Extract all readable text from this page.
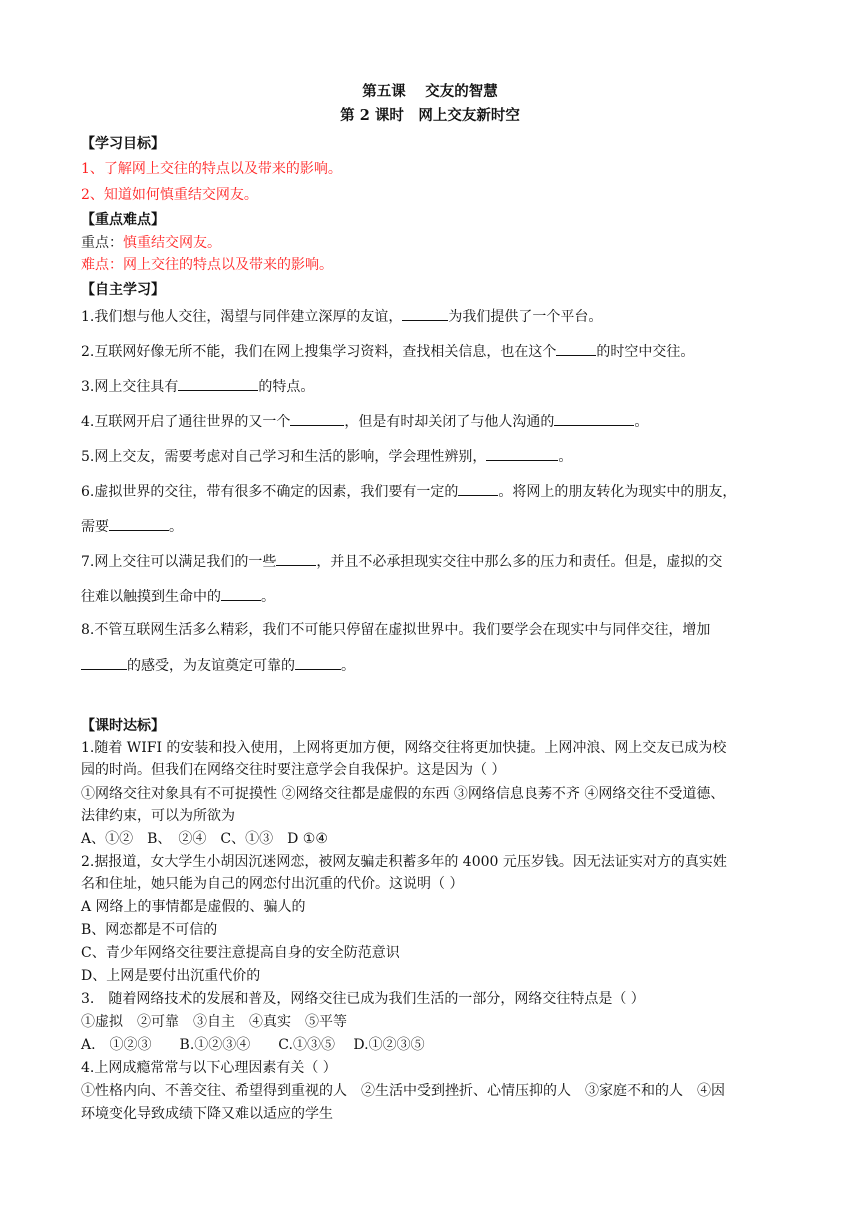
第五课　 交友的智慧
第 2 课时　网上交友新时空
【学习目标】
1、了解网上交往的特点以及带来的影响。
2、知道如何慎重结交网友。
【重点难点】
重点：慎重结交网友。
难点：网上交往的特点以及带来的影响。
【自主学习】
1.我们想与他人交往，渴望与同伴建立深厚的友谊，	为我们提供了一个平台。
2.互联网好像无所不能，我们在网上搜集学习资料，查找相关信息，也在这个	的时空中交往。
3.网上交往具有	的特点。
4.互联网开启了通往世界的又一个	，但是有时却关闭了与他人沟通的	。
5.网上交友，需要考虑对自己学习和生活的影响，学会理性辨别，	。
6.虚拟世界的交往，带有很多不确定的因素，我们要有一定的	。将网上的朋友转化为现实中的朋友，
需要	。
7.网上交往可以满足我们的一些	，并且不必承担现实交往中那么多的压力和责任。但是，虚拟的交
往难以触摸到生命中的	。
8.不管互联网生活多么精彩，我们不可能只停留在虚拟世界中。我们要学会在现实中与同伴交往，增加
的感受，为友谊奠定可靠的	。
【课时达标】
1.随着 WIFI 的安装和投入使用，上网将更加方便，网络交往将更加快捷。上网冲浪、网上交友已成为校
园的时尚。但我们在网络交往时要注意学会自我保护。这是因为（ ）
①网络交往对象具有不可捉摸性 ②网络交往都是虚假的东西 ③网络信息良莠不齐 ④网络交往不受道德、
法律约束，可以为所欲为
A、①②　B、　②④　C、①③　D ①④
2.据报道，女大学生小胡因沉迷网恋，被网友骗走积蓄多年的 4000 元压岁钱。因无法证实对方的真实姓
名和住址，她只能为自己的网恋付出沉重的代价。这说明（ ）
A 网络上的事情都是虚假的、骗人的
B、网恋都是不可信的
C、青少年网络交往要注意提高自身的安全防范意识
D、上网是要付出沉重代价的
3.　随着网络技术的发展和普及，网络交往已成为我们生活的一部分，网络交往特点是（ ）
①虚拟　②可靠　③自主　④真实　⑤平等
A.　①②③　　B.①②③④　　C.①③⑤　 D.①②③⑤
4.上网成瘾常常与以下心理因素有关（ ）
①性格内向、不善交往、希望得到重视的人　②生活中受到挫折、心情压抑的人　③家庭不和的人　④因
环境变化导致成绩下降又难以适应的学生
